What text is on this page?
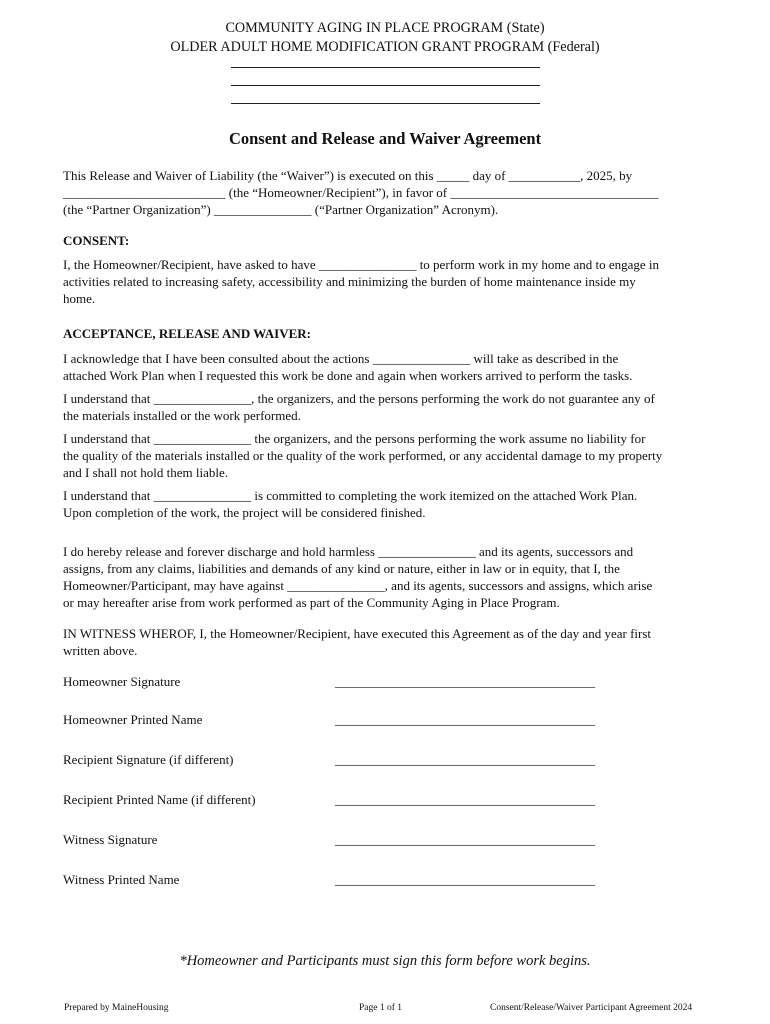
COMMUNITY AGING IN PLACE PROGRAM (State)
OLDER ADULT HOME MODIFICATION GRANT PROGRAM (Federal)
Consent and Release and Waiver Agreement
This Release and Waiver of Liability (the “Waiver”) is executed on this _____ day of ___________, 2025, by
_________________________ (the “Homeowner/Recipient”), in favor of ________________________________
(the “Partner Organization”) _______________ (“Partner Organization” Acronym).
CONSENT:
I, the Homeowner/Recipient, have asked to have _______________ to perform work in my home and to engage in
activities related to increasing safety, accessibility and minimizing the burden of home maintenance inside my
home.
ACCEPTANCE, RELEASE AND WAIVER:
I acknowledge that I have been consulted about the actions _______________ will take as described in the
attached Work Plan when I requested this work be done and again when workers arrived to perform the tasks.
I understand that _______________, the organizers, and the persons performing the work do not guarantee any of
the materials installed or the work performed.
I understand that _______________ the organizers, and the persons performing the work assume no liability for
the quality of the materials installed or the quality of the work performed, or any accidental damage to my property
and I shall not hold them liable.
I understand that _______________ is committed to completing the work itemized on the attached Work Plan.
Upon completion of the work, the project will be considered finished.
I do hereby release and forever discharge and hold harmless _______________ and its agents, successors and
assigns, from any claims, liabilities and demands of any kind or nature, either in law or in equity, that I, the
Homeowner/Participant, may have against _______________, and its agents, successors and assigns, which arise
or may hereafter arise from work performed as part of the Community Aging in Place Program.
IN WITNESS WHEROF, I, the Homeowner/Recipient, have executed this Agreement as of the day and year first
written above.
Homeowner Signature	________________________________________
Homeowner Printed Name	________________________________________
Recipient Signature (if different)	________________________________________
Recipient Printed Name (if different)	________________________________________
Witness Signature	________________________________________
Witness Printed Name	________________________________________
*Homeowner and Participants must sign this form before work begins.
Prepared by MaineHousing	Page 1 of 1	Consent/Release/Waiver Participant Agreement 2024
